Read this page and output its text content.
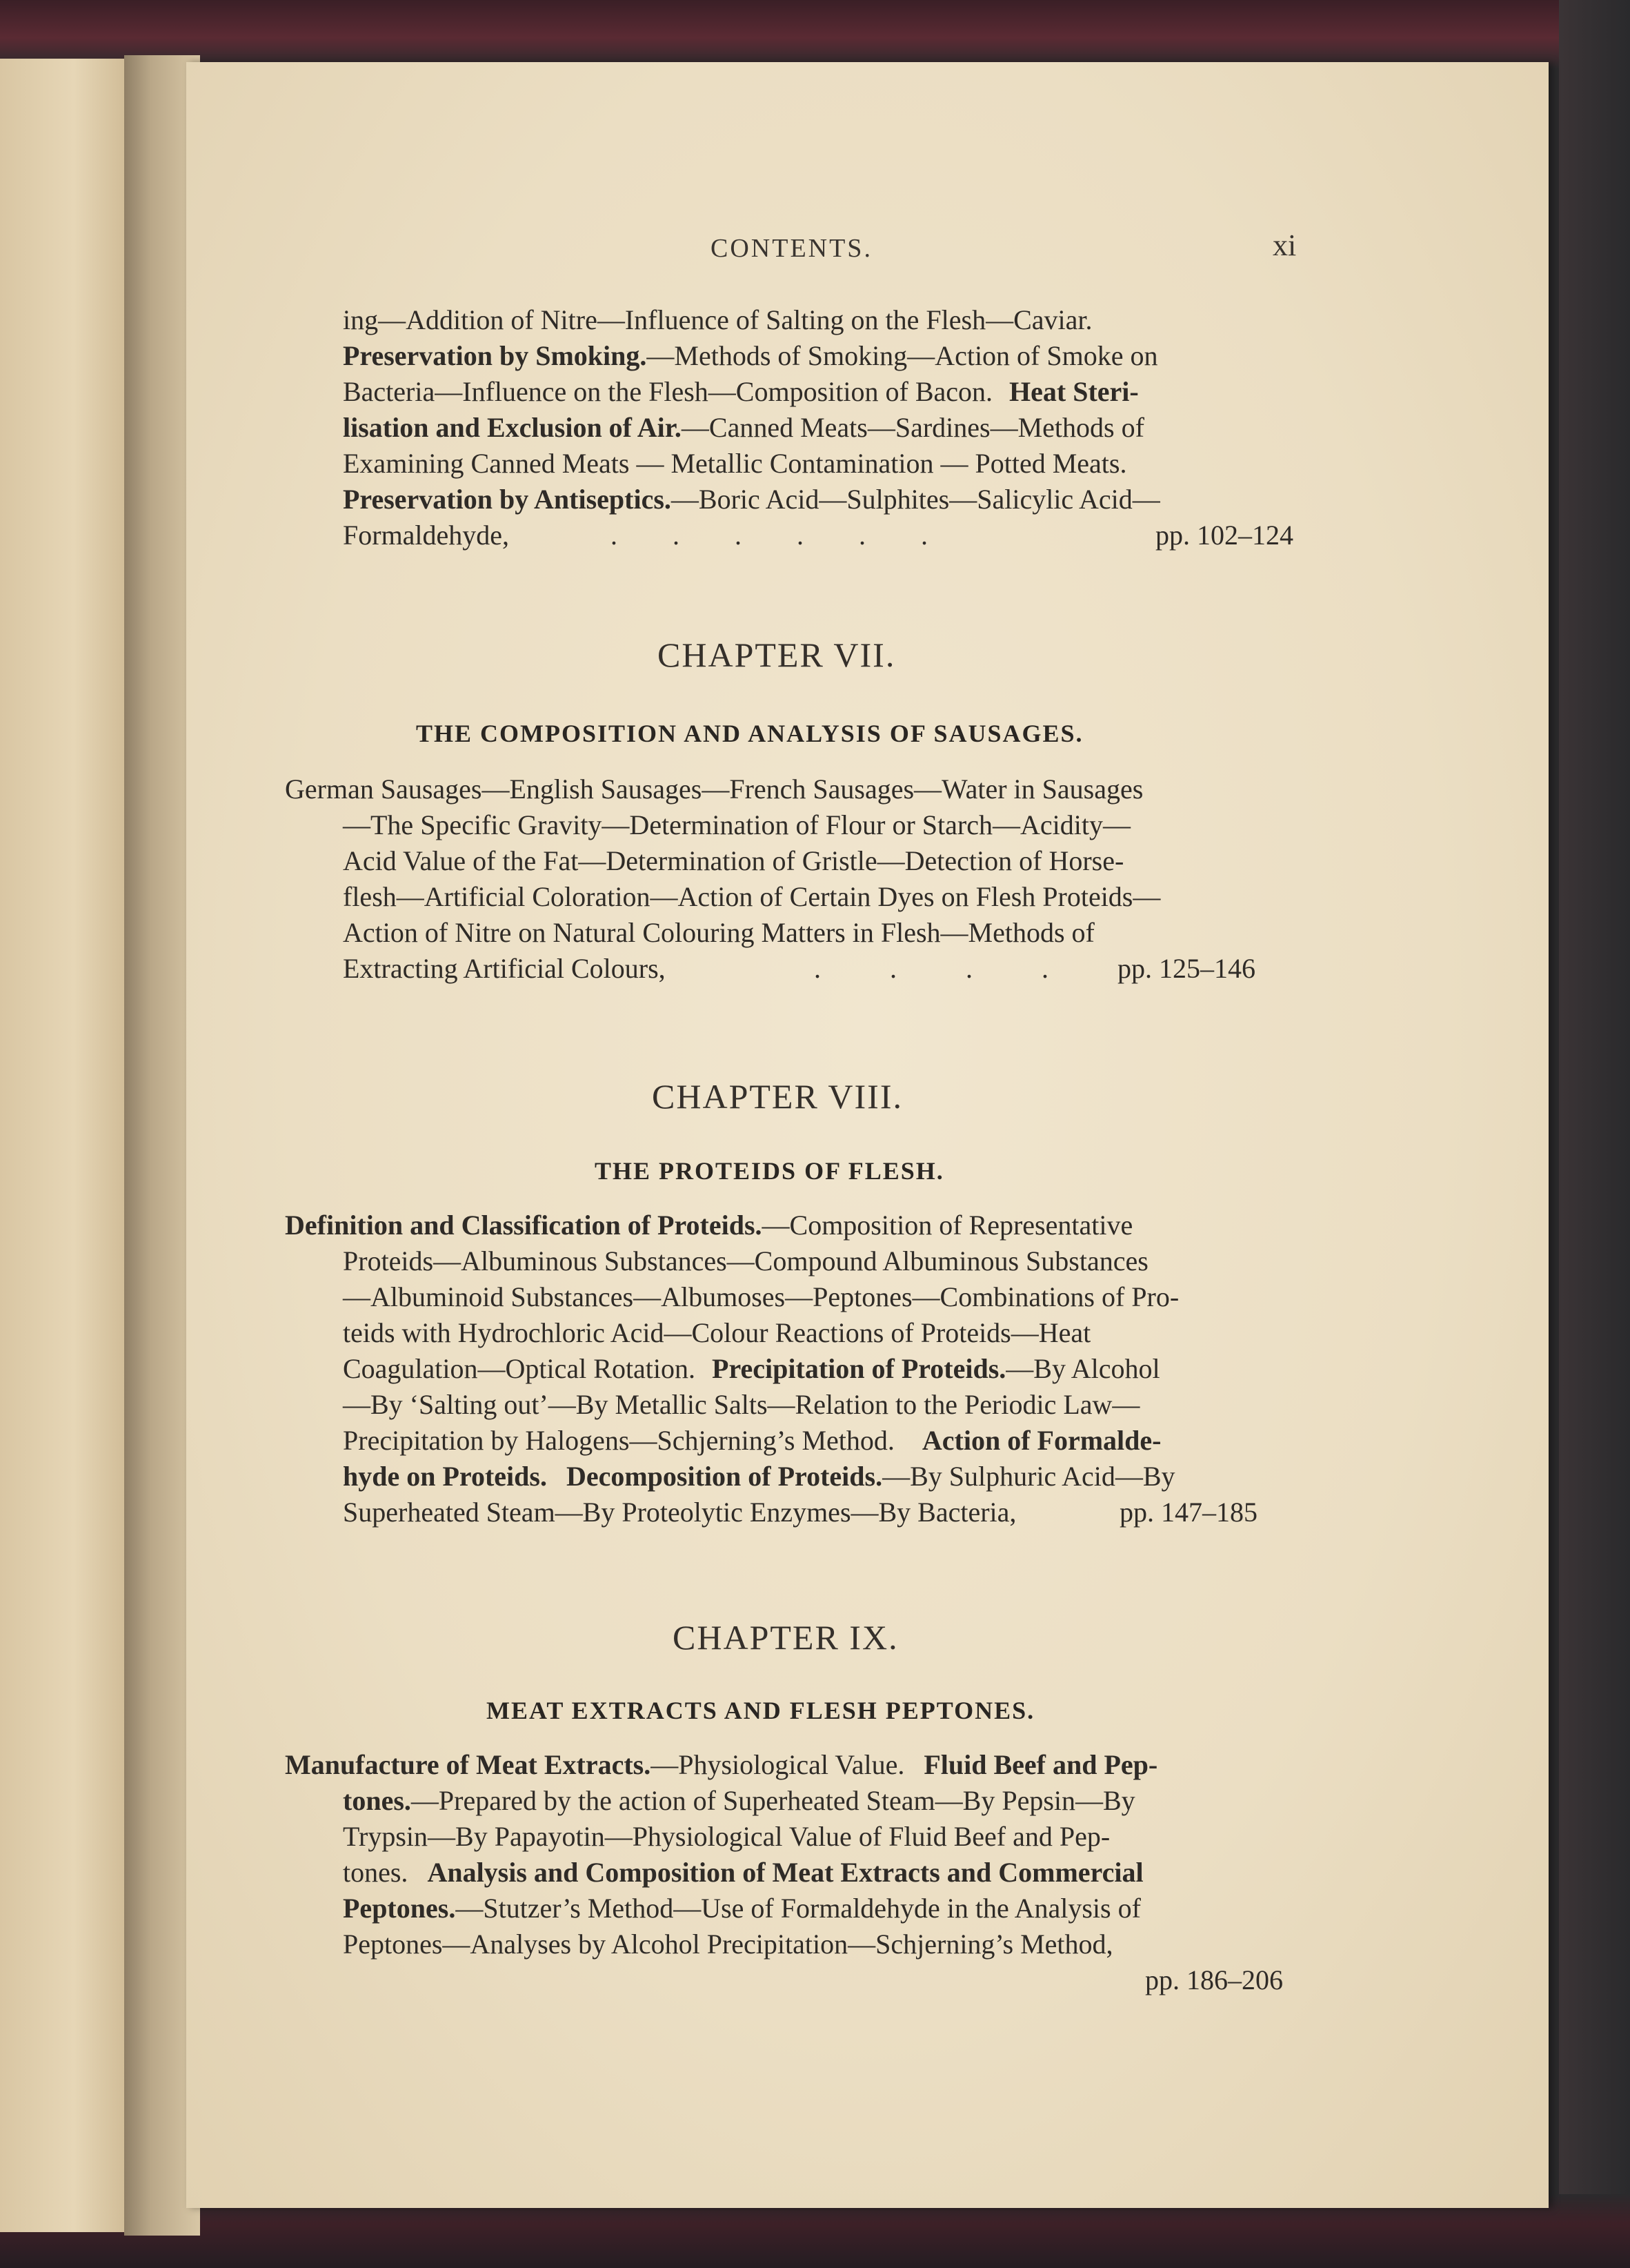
CONTENTS.	xi
ing—Addition of Nitre—Influence of Salting on the Flesh—Caviar.
Preservation by Smoking.—Methods of Smoking—Action of Smoke on
Bacteria—Influence on the Flesh—Composition of Bacon. Heat Steri-
lisation and Exclusion of Air.—Canned Meats—Sardines—Methods of
Examining Canned Meats — Metallic Contamination — Potted Meats.
Preservation by Antiseptics.—Boric Acid—Sulphites—Salicylic Acid—
Formaldehyde,	.        .        .        .        .        .	pp. 102–124
CHAPTER VII.
THE COMPOSITION AND ANALYSIS OF SAUSAGES.
German Sausages—English Sausages—French Sausages—Water in Sausages
—The Specific Gravity—Determination of Flour or Starch—Acidity—
Acid Value of the Fat—Determination of Gristle—Detection of Horse-
flesh—Artificial Coloration—Action of Certain Dyes on Flesh Proteids—
Action of Nitre on Natural Colouring Matters in Flesh—Methods of
Extracting Artificial Colours,	.          .          .          .	pp. 125–146
CHAPTER VIII.
THE PROTEIDS OF FLESH.
Definition and Classification of Proteids.—Composition of Representative
Proteids—Albuminous Substances—Compound Albuminous Substances
—Albuminoid Substances—Albumoses—Peptones—Combinations of Pro-
teids with Hydrochloric Acid—Colour Reactions of Proteids—Heat
Coagulation—Optical Rotation. Precipitation of Proteids.—By Alcohol
—By ‘Salting out’—By Metallic Salts—Relation to the Periodic Law—
Precipitation by Halogens—Schjerning’s Method. Action of Formalde-
hyde on Proteids. Decomposition of Proteids.—By Sulphuric Acid—By
Superheated Steam—By Proteolytic Enzymes—By Bacteria,	pp. 147–185
CHAPTER IX.
MEAT EXTRACTS AND FLESH PEPTONES.
Manufacture of Meat Extracts.—Physiological Value. Fluid Beef and Pep-
tones.—Prepared by the action of Superheated Steam—By Pepsin—By
Trypsin—By Papayotin—Physiological Value of Fluid Beef and Pep-
tones. Analysis and Composition of Meat Extracts and Commercial
Peptones.—Stutzer’s Method—Use of Formaldehyde in the Analysis of
Peptones—Analyses by Alcohol Precipitation—Schjerning’s Method,
pp. 186–206
